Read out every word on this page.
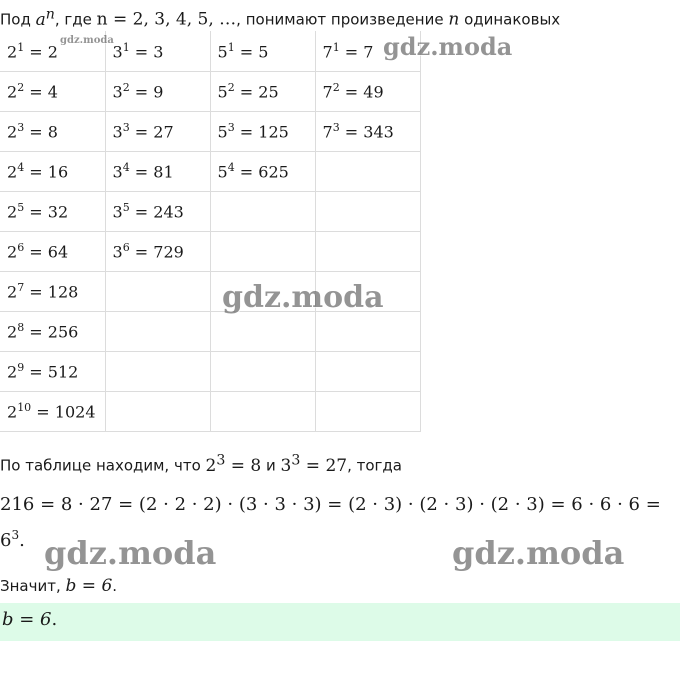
Под $a^n$, где n = 2, 3, 4, 5, …, понимают произведение n одинаковых
$2^1 = 2$	$3^1 = 3$	$5^1 = 5$	$7^1 = 7$
$2^2 = 4$	$3^2 = 9$	$5^2 = 25$	$7^2 = 49$
$2^3 = 8$	$3^3 = 27$	$5^3 = 125$	$7^3 = 343$
$2^4 = 16$	$3^4 = 81$	$5^4 = 625$	
$2^5 = 32$	$3^5 = 243$		
$2^6 = 64$	$3^6 = 729$		
$2^7 = 128$			
$2^8 = 256$			
$2^9 = 512$			
$2^{10} = 1024$			
По таблице находим, что $2^3 = 8$ и $3^3 = 27$, тогда
216 = 8 · 27 = (2 · 2 · 2) · (3 · 3 · 3) = (2 · 3) · (2 · 3) · (2 · 3) = 6 · 6 · 6 =
$6^3$.
Значит, b = 6.
b = 6.
gdz.moda
gdz.moda
gdz.moda
gdz.moda	gdz.moda
